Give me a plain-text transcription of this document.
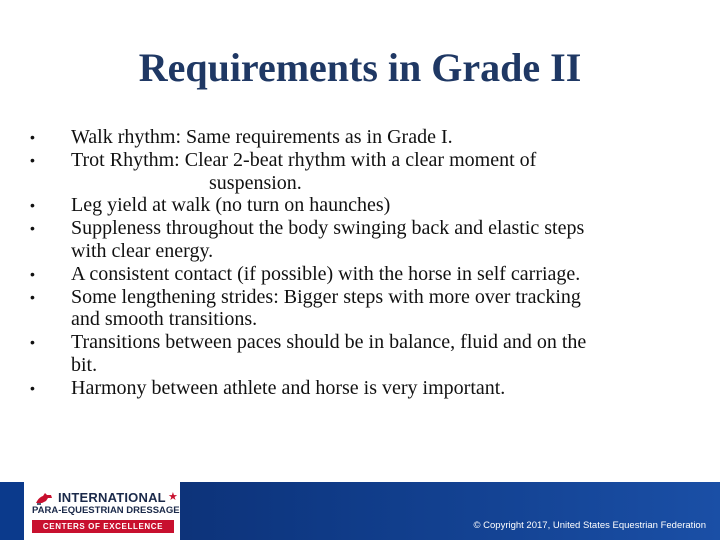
Requirements in Grade II
•	Walk rhythm: Same requirements as in Grade I.
•	Trot Rhythm: Clear 2-beat rhythm with a clear moment of
suspension.
•	Leg yield at walk (no turn on haunches)
•	Suppleness throughout the body swinging back and elastic steps
with clear energy.
•	A consistent contact (if possible) with the horse in self carriage.
•	Some lengthening strides: Bigger steps with more over tracking
and smooth transitions.
•	Transitions between paces should be in balance, fluid and on the
bit.
•	Harmony between athlete and horse is very important.
INTERNATIONAL ★
PARA-EQUESTRIAN DRESSAGE
CENTERS OF EXCELLENCE	© Copyright 2017, United States Equestrian Federation
